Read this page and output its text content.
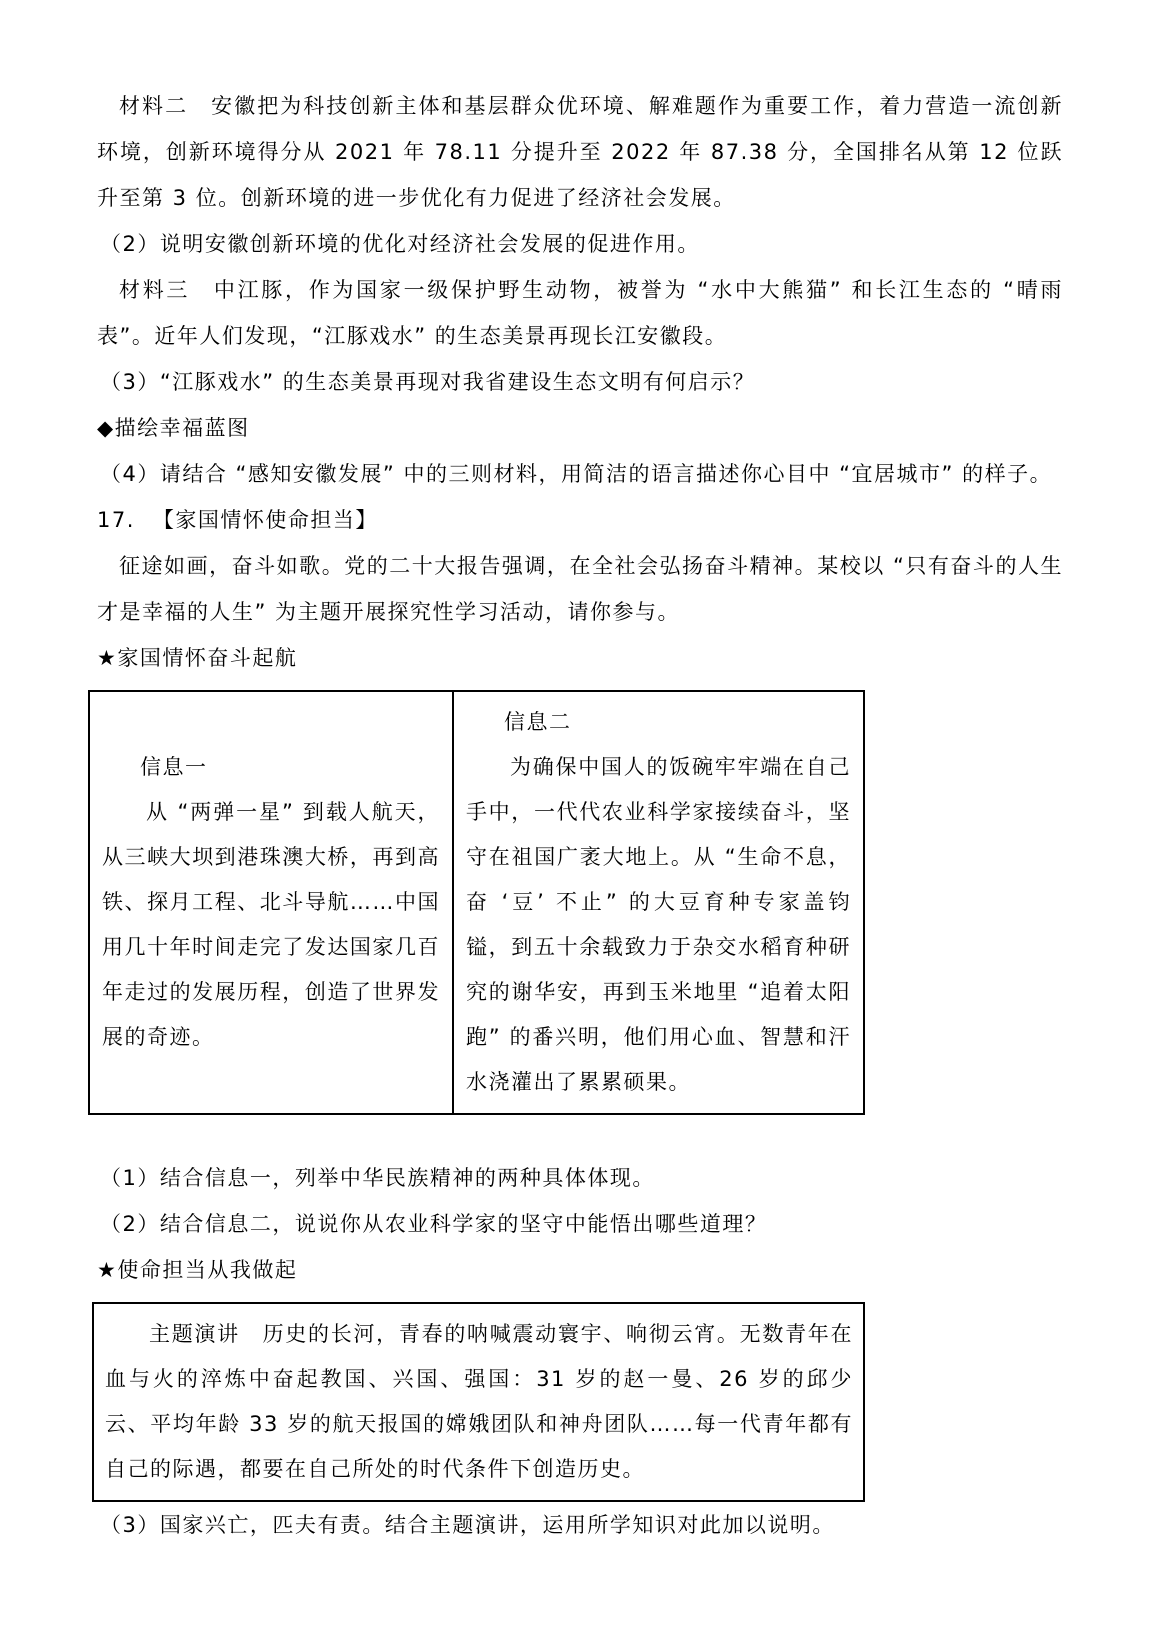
材料二　安徽把为科技创新主体和基层群众优环境、解难题作为重要工作，着力营造一流创新环境，创新环境得分从 2021 年 78.11 分提升至 2022 年 87.38 分，全国排名从第 12 位跃升至第 3 位。创新环境的进一步优化有力促进了经济社会发展。

（2）说明安徽创新环境的优化对经济社会发展的促进作用。

材料三　中江豚，作为国家一级保护野生动物，被誉为 “水中大熊猫” 和长江生态的 “晴雨表”。近年人们发现，“江豚戏水” 的生态美景再现长江安徽段。

（3）“江豚戏水” 的生态美景再现对我省建设生态文明有何启示？

◆描绘幸福蓝图

（4）请结合 “感知安徽发展” 中的三则材料，用简洁的语言描述你心目中 “宜居城市” 的样子。

17. 【家国情怀使命担当】

征途如画，奋斗如歌。党的二十大报告强调，在全社会弘扬奋斗精神。某校以 “只有奋斗的人生才是幸福的人生” 为主题开展探究性学习活动，请你参与。

★家国情怀奋斗起航

信息一

从 “两弹一星” 到载人航天，从三峡大坝到港珠澳大桥，再到高铁、探月工程、北斗导航……中国用几十年时间走完了发达国家几百年走过的发展历程，创造了世界发展的奇迹。

信息二

为确保中国人的饭碗牢牢端在自己手中，一代代农业科学家接续奋斗，坚守在祖国广袤大地上。从 “生命不息，奋 ‘豆’ 不止” 的大豆育种专家盖钧镒，到五十余载致力于杂交水稻育种研究的谢华安，再到玉米地里 “追着太阳跑” 的番兴明，他们用心血、智慧和汗水浇灌出了累累硕果。

（1）结合信息一，列举中华民族精神的两种具体体现。

（2）结合信息二，说说你从农业科学家的坚守中能悟出哪些道理？

★使命担当从我做起

主题演讲　历史的长河，青春的呐喊震动寰宇、响彻云宵。无数青年在血与火的淬炼中奋起教国、兴国、强国：31 岁的赵一曼、26 岁的邱少云、平均年龄 33 岁的航天报国的嫦娥团队和神舟团队……每一代青年都有自己的际遇，都要在自己所处的时代条件下创造历史。

（3）国家兴亡，匹夫有责。结合主题演讲，运用所学知识对此加以说明。
